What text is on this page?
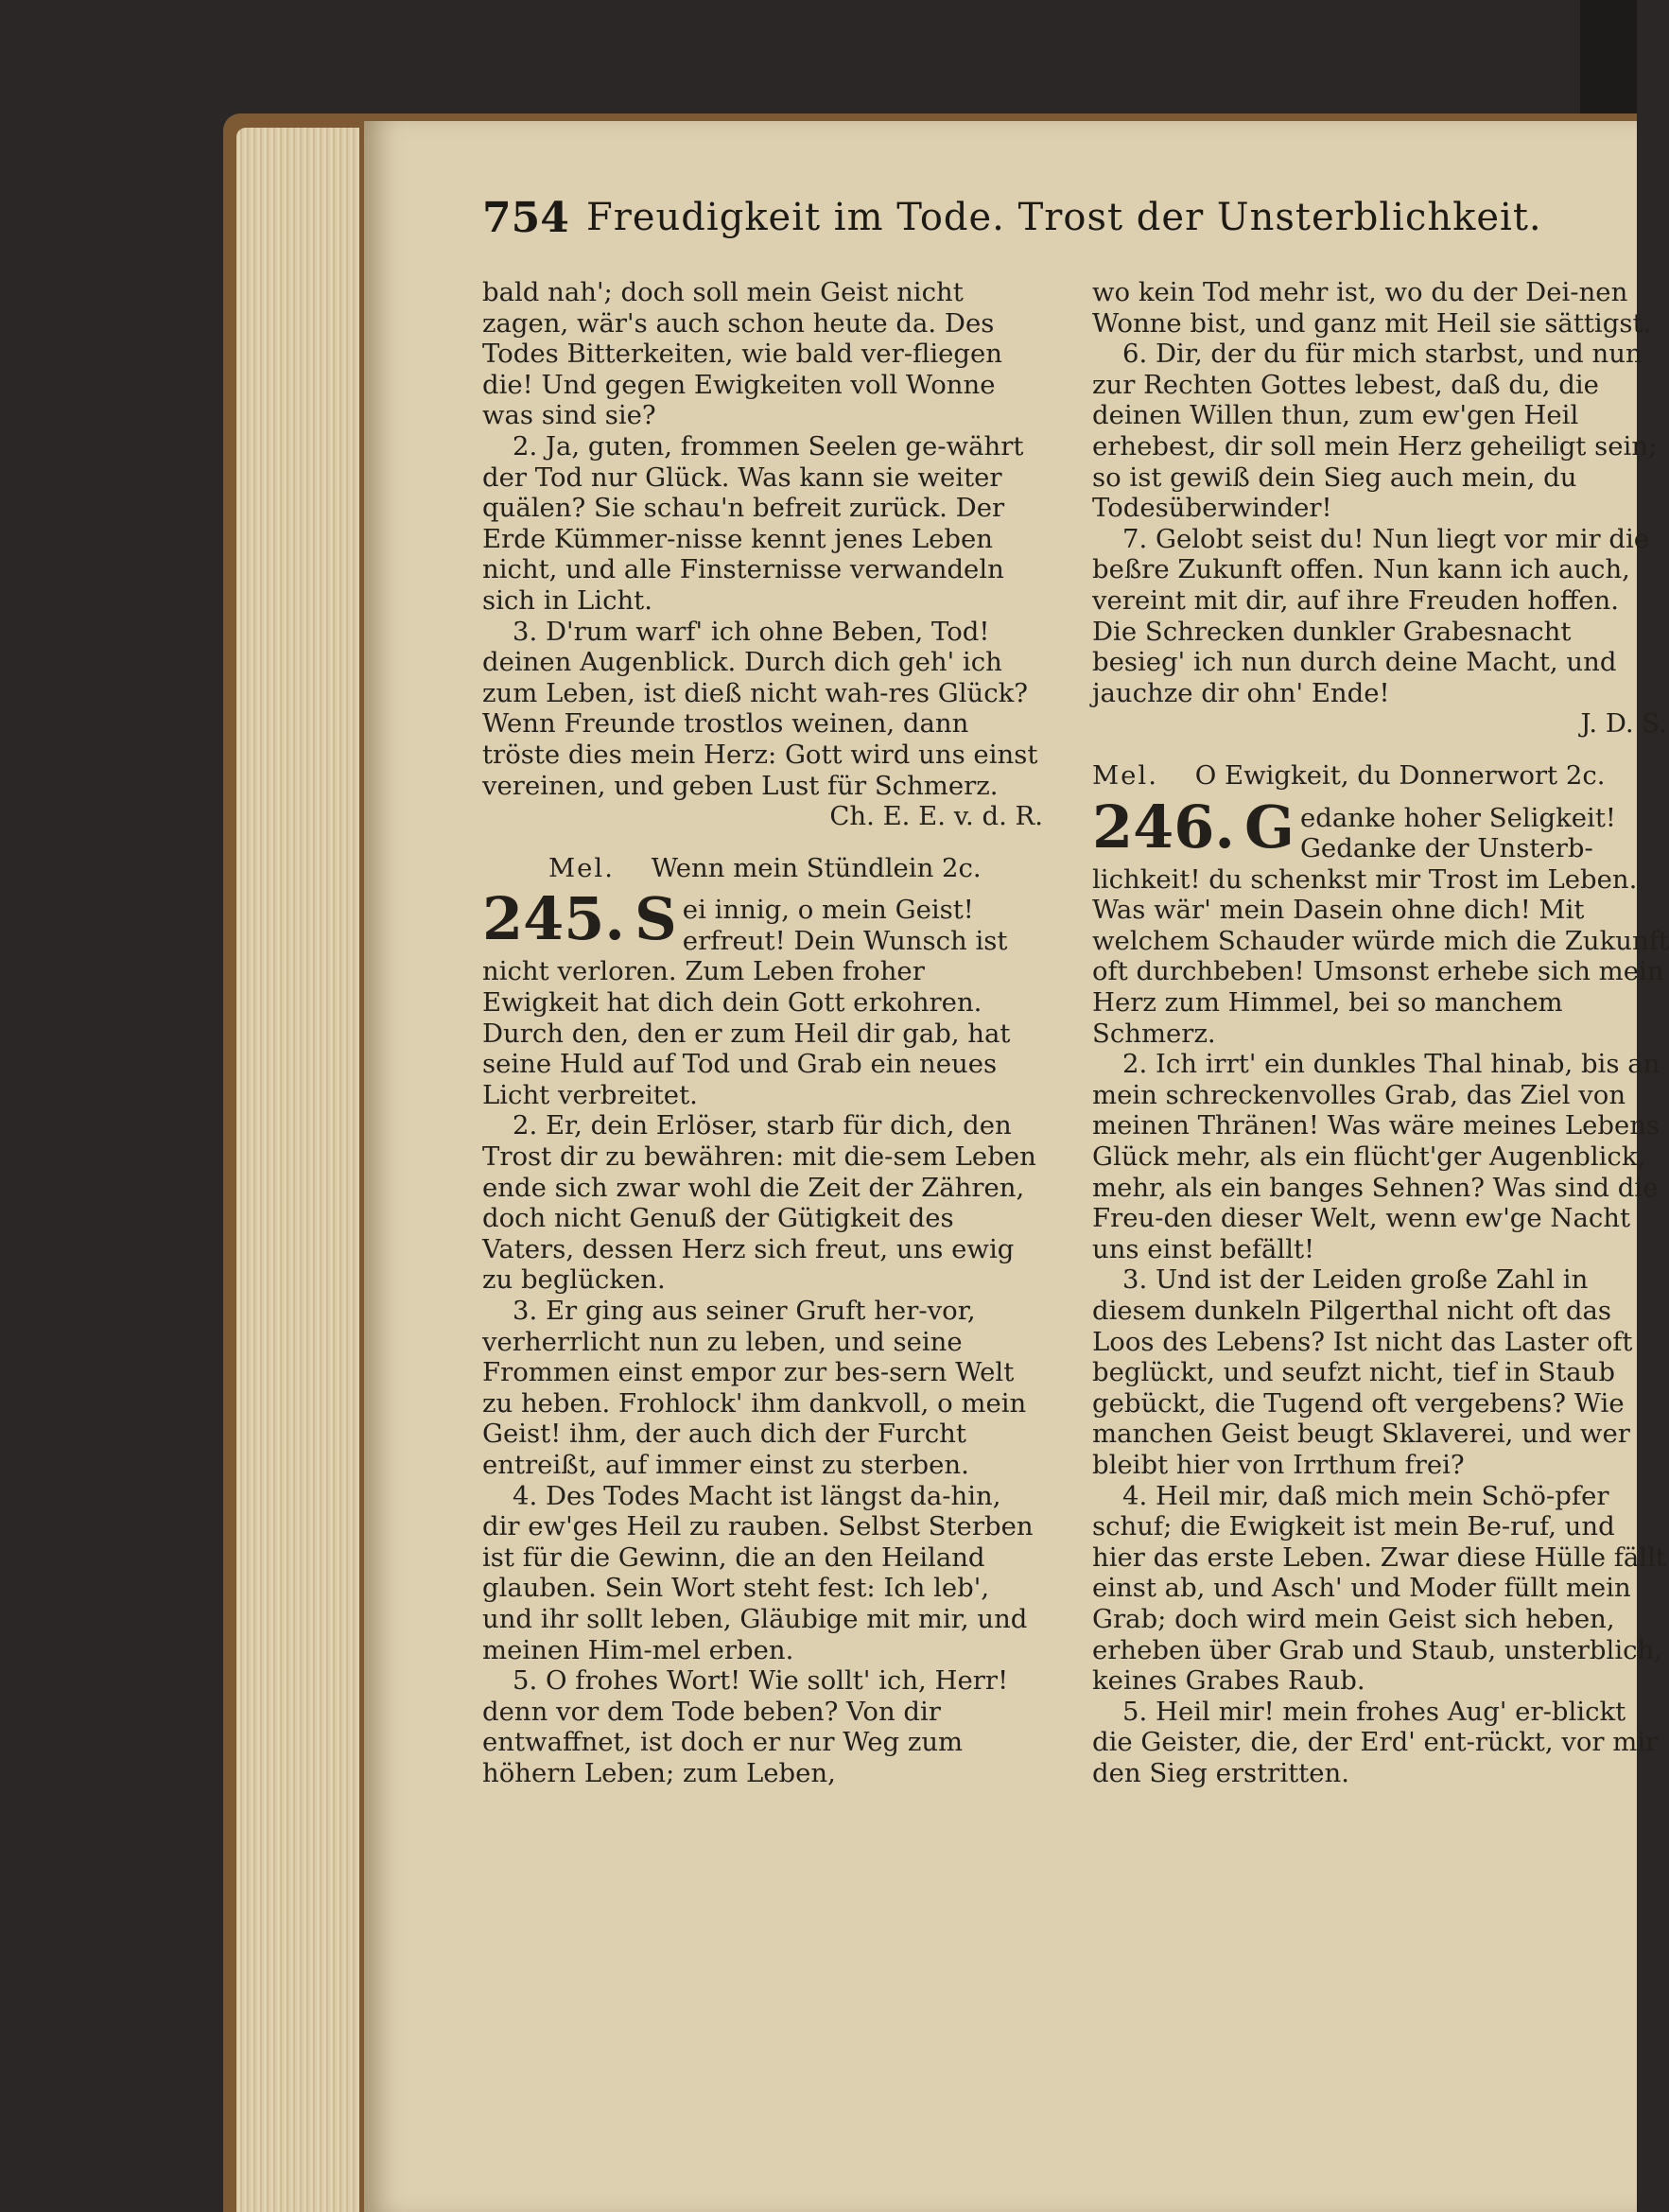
754 Freudigkeit im Tode. Trost der Unsterblichkeit.

bald nah'; doch soll mein Geist nicht zagen, wär's auch schon heute da. Des Todes Bitterkeiten, wie bald ver-fliegen die! Und gegen Ewigkeiten voll Wonne was sind sie?

2. Ja, guten, frommen Seelen ge-währt der Tod nur Glück. Was kann sie weiter quälen? Sie schau'n befreit zurück. Der Erde Kümmer-nisse kennt jenes Leben nicht, und alle Finsternisse verwandeln sich in Licht.

3. D'rum warf' ich ohne Beben, Tod! deinen Augenblick. Durch dich geh' ich zum Leben, ist dieß nicht wah-res Glück? Wenn Freunde trostlos weinen, dann tröste dies mein Herz: Gott wird uns einst vereinen, und geben Lust für Schmerz.

Ch. E. E. v. d. R.

Mel. Wenn mein Stündlein 2c.

245. S ei innig, o mein Geist! erfreut! Dein Wunsch ist nicht verloren. Zum Leben froher Ewigkeit hat dich dein Gott erkohren. Durch den, den er zum Heil dir gab, hat seine Huld auf Tod und Grab ein neues Licht verbreitet.

2. Er, dein Erlöser, starb für dich, den Trost dir zu bewähren: mit die-sem Leben ende sich zwar wohl die Zeit der Zähren, doch nicht Genuß der Gütigkeit des Vaters, dessen Herz sich freut, uns ewig zu beglücken.

3. Er ging aus seiner Gruft her-vor, verherrlicht nun zu leben, und seine Frommen einst empor zur bes-sern Welt zu heben. Frohlock' ihm dankvoll, o mein Geist! ihm, der auch dich der Furcht entreißt, auf immer einst zu sterben.

4. Des Todes Macht ist längst da-hin, dir ew'ges Heil zu rauben. Selbst Sterben ist für die Gewinn, die an den Heiland glauben. Sein Wort steht fest: Ich leb', und ihr sollt leben, Gläubige mit mir, und meinen Him-mel erben.

5. O frohes Wort! Wie sollt' ich, Herr! denn vor dem Tode beben? Von dir entwaffnet, ist doch er nur Weg zum höhern Leben; zum Leben,

wo kein Tod mehr ist, wo du der Dei-nen Wonne bist, und ganz mit Heil sie sättigst.

6. Dir, der du für mich starbst, und nun zur Rechten Gottes lebest, daß du, die deinen Willen thun, zum ew'gen Heil erhebest, dir soll mein Herz geheiligt sein; so ist gewiß dein Sieg auch mein, du Todesüberwinder!

7. Gelobt seist du! Nun liegt vor mir die beßre Zukunft offen. Nun kann ich auch, vereint mit dir, auf ihre Freuden hoffen. Die Schrecken dunkler Grabesnacht besieg' ich nun durch deine Macht, und jauchze dir ohn' Ende!

J. D. S.

Mel. O Ewigkeit, du Donnerwort 2c.

246. G edanke hoher Seligkeit! Gedanke der Unsterb-lichkeit! du schenkst mir Trost im Leben. Was wär' mein Dasein ohne dich! Mit welchem Schauder würde mich die Zukunft oft durchbeben! Umsonst erhebe sich mein Herz zum Himmel, bei so manchem Schmerz.

2. Ich irrt' ein dunkles Thal hinab, bis an mein schreckenvolles Grab, das Ziel von meinen Thränen! Was wäre meines Lebens Glück mehr, als ein flücht'ger Augenblick, mehr, als ein banges Sehnen? Was sind die Freu-den dieser Welt, wenn ew'ge Nacht uns einst befällt!

3. Und ist der Leiden große Zahl in diesem dunkeln Pilgerthal nicht oft das Loos des Lebens? Ist nicht das Laster oft beglückt, und seufzt nicht, tief in Staub gebückt, die Tugend oft vergebens? Wie manchen Geist beugt Sklaverei, und wer bleibt hier von Irrthum frei?

4. Heil mir, daß mich mein Schö-pfer schuf; die Ewigkeit ist mein Be-ruf, und hier das erste Leben. Zwar diese Hülle fällt einst ab, und Asch' und Moder füllt mein Grab; doch wird mein Geist sich heben, erheben über Grab und Staub, unsterblich, keines Grabes Raub.

5. Heil mir! mein frohes Aug' er-blickt die Geister, die, der Erd' ent-rückt, vor mir den Sieg erstritten.
